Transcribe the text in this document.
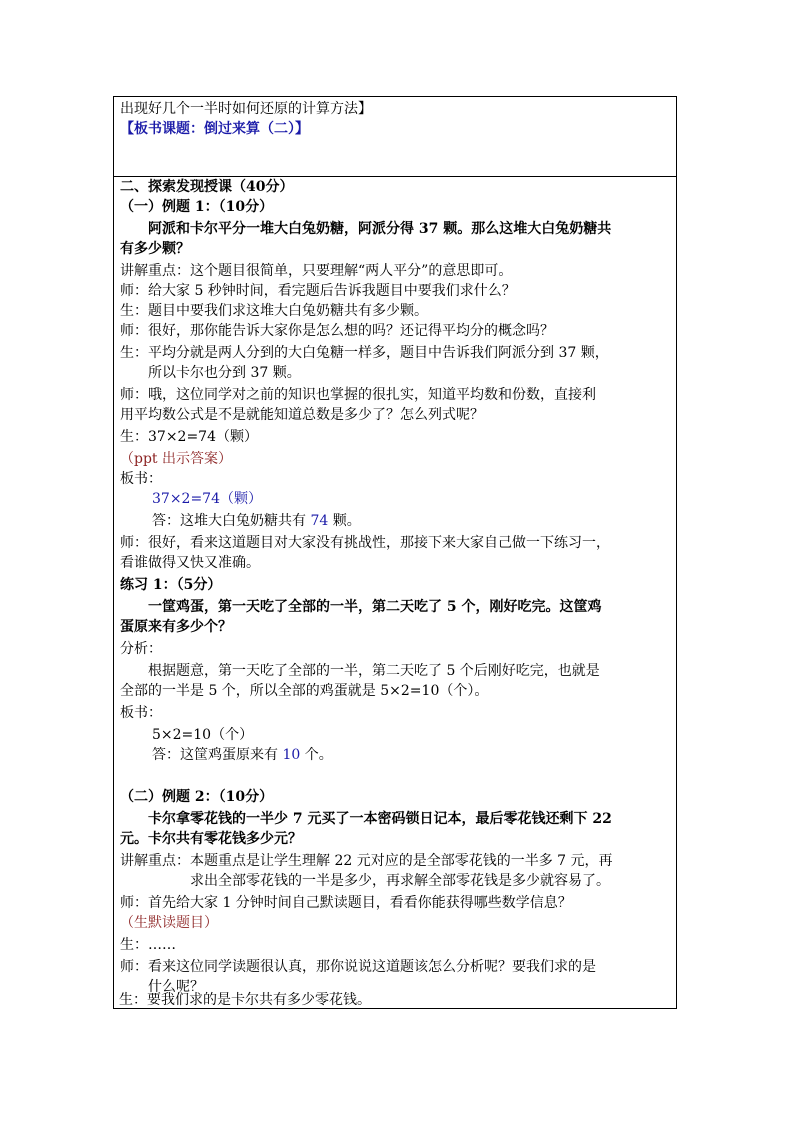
出现好几个一半时如何还原的计算方法】
【板书课题：倒过来算（二）】
二、探索发现授课（40分）
（一）例题 1：（10分）
阿派和卡尔平分一堆大白兔奶糖，阿派分得 37 颗。那么这堆大白兔奶糖共
有多少颗？
讲解重点：这个题目很简单，只要理解“两人平分”的意思即可。
师：给大家 5 秒钟时间，看完题后告诉我题目中要我们求什么？
生：题目中要我们求这堆大白兔奶糖共有多少颗。
师：很好，那你能告诉大家你是怎么想的吗？还记得平均分的概念吗？
生：平均分就是两人分到的大白兔糖一样多，题目中告诉我们阿派分到 37 颗，
所以卡尔也分到 37 颗。
师：哦，这位同学对之前的知识也掌握的很扎实，知道平均数和份数，直接利
用平均数公式是不是就能知道总数是多少了？怎么列式呢？
生：37×2=74（颗）
（ppt 出示答案）
板书：
37×2=74（颗）
答：这堆大白兔奶糖共有 74 颗。
师：很好，看来这道题目对大家没有挑战性，那接下来大家自己做一下练习一，
看谁做得又快又准确。
练习 1：（5分）
一筐鸡蛋，第一天吃了全部的一半，第二天吃了 5 个，刚好吃完。这筐鸡
蛋原来有多少个？
分析：
根据题意，第一天吃了全部的一半，第二天吃了 5 个后刚好吃完，也就是
全部的一半是 5 个，所以全部的鸡蛋就是 5×2=10（个）。
板书：
5×2=10（个）
答：这筐鸡蛋原来有 10 个。
（二）例题 2：（10分）
卡尔拿零花钱的一半少 7 元买了一本密码锁日记本，最后零花钱还剩下 22
元。卡尔共有零花钱多少元？
讲解重点：本题重点是让学生理解 22 元对应的是全部零花钱的一半多 7 元，再
求出全部零花钱的一半是多少，再求解全部零花钱是多少就容易了。
师：首先给大家 1 分钟时间自己默读题目，看看你能获得哪些数学信息？
（生默读题目）
生：……
师：看来这位同学读题很认真，那你说说这道题该怎么分析呢？要我们求的是
什么呢？
生：要我们求的是卡尔共有多少零花钱。
